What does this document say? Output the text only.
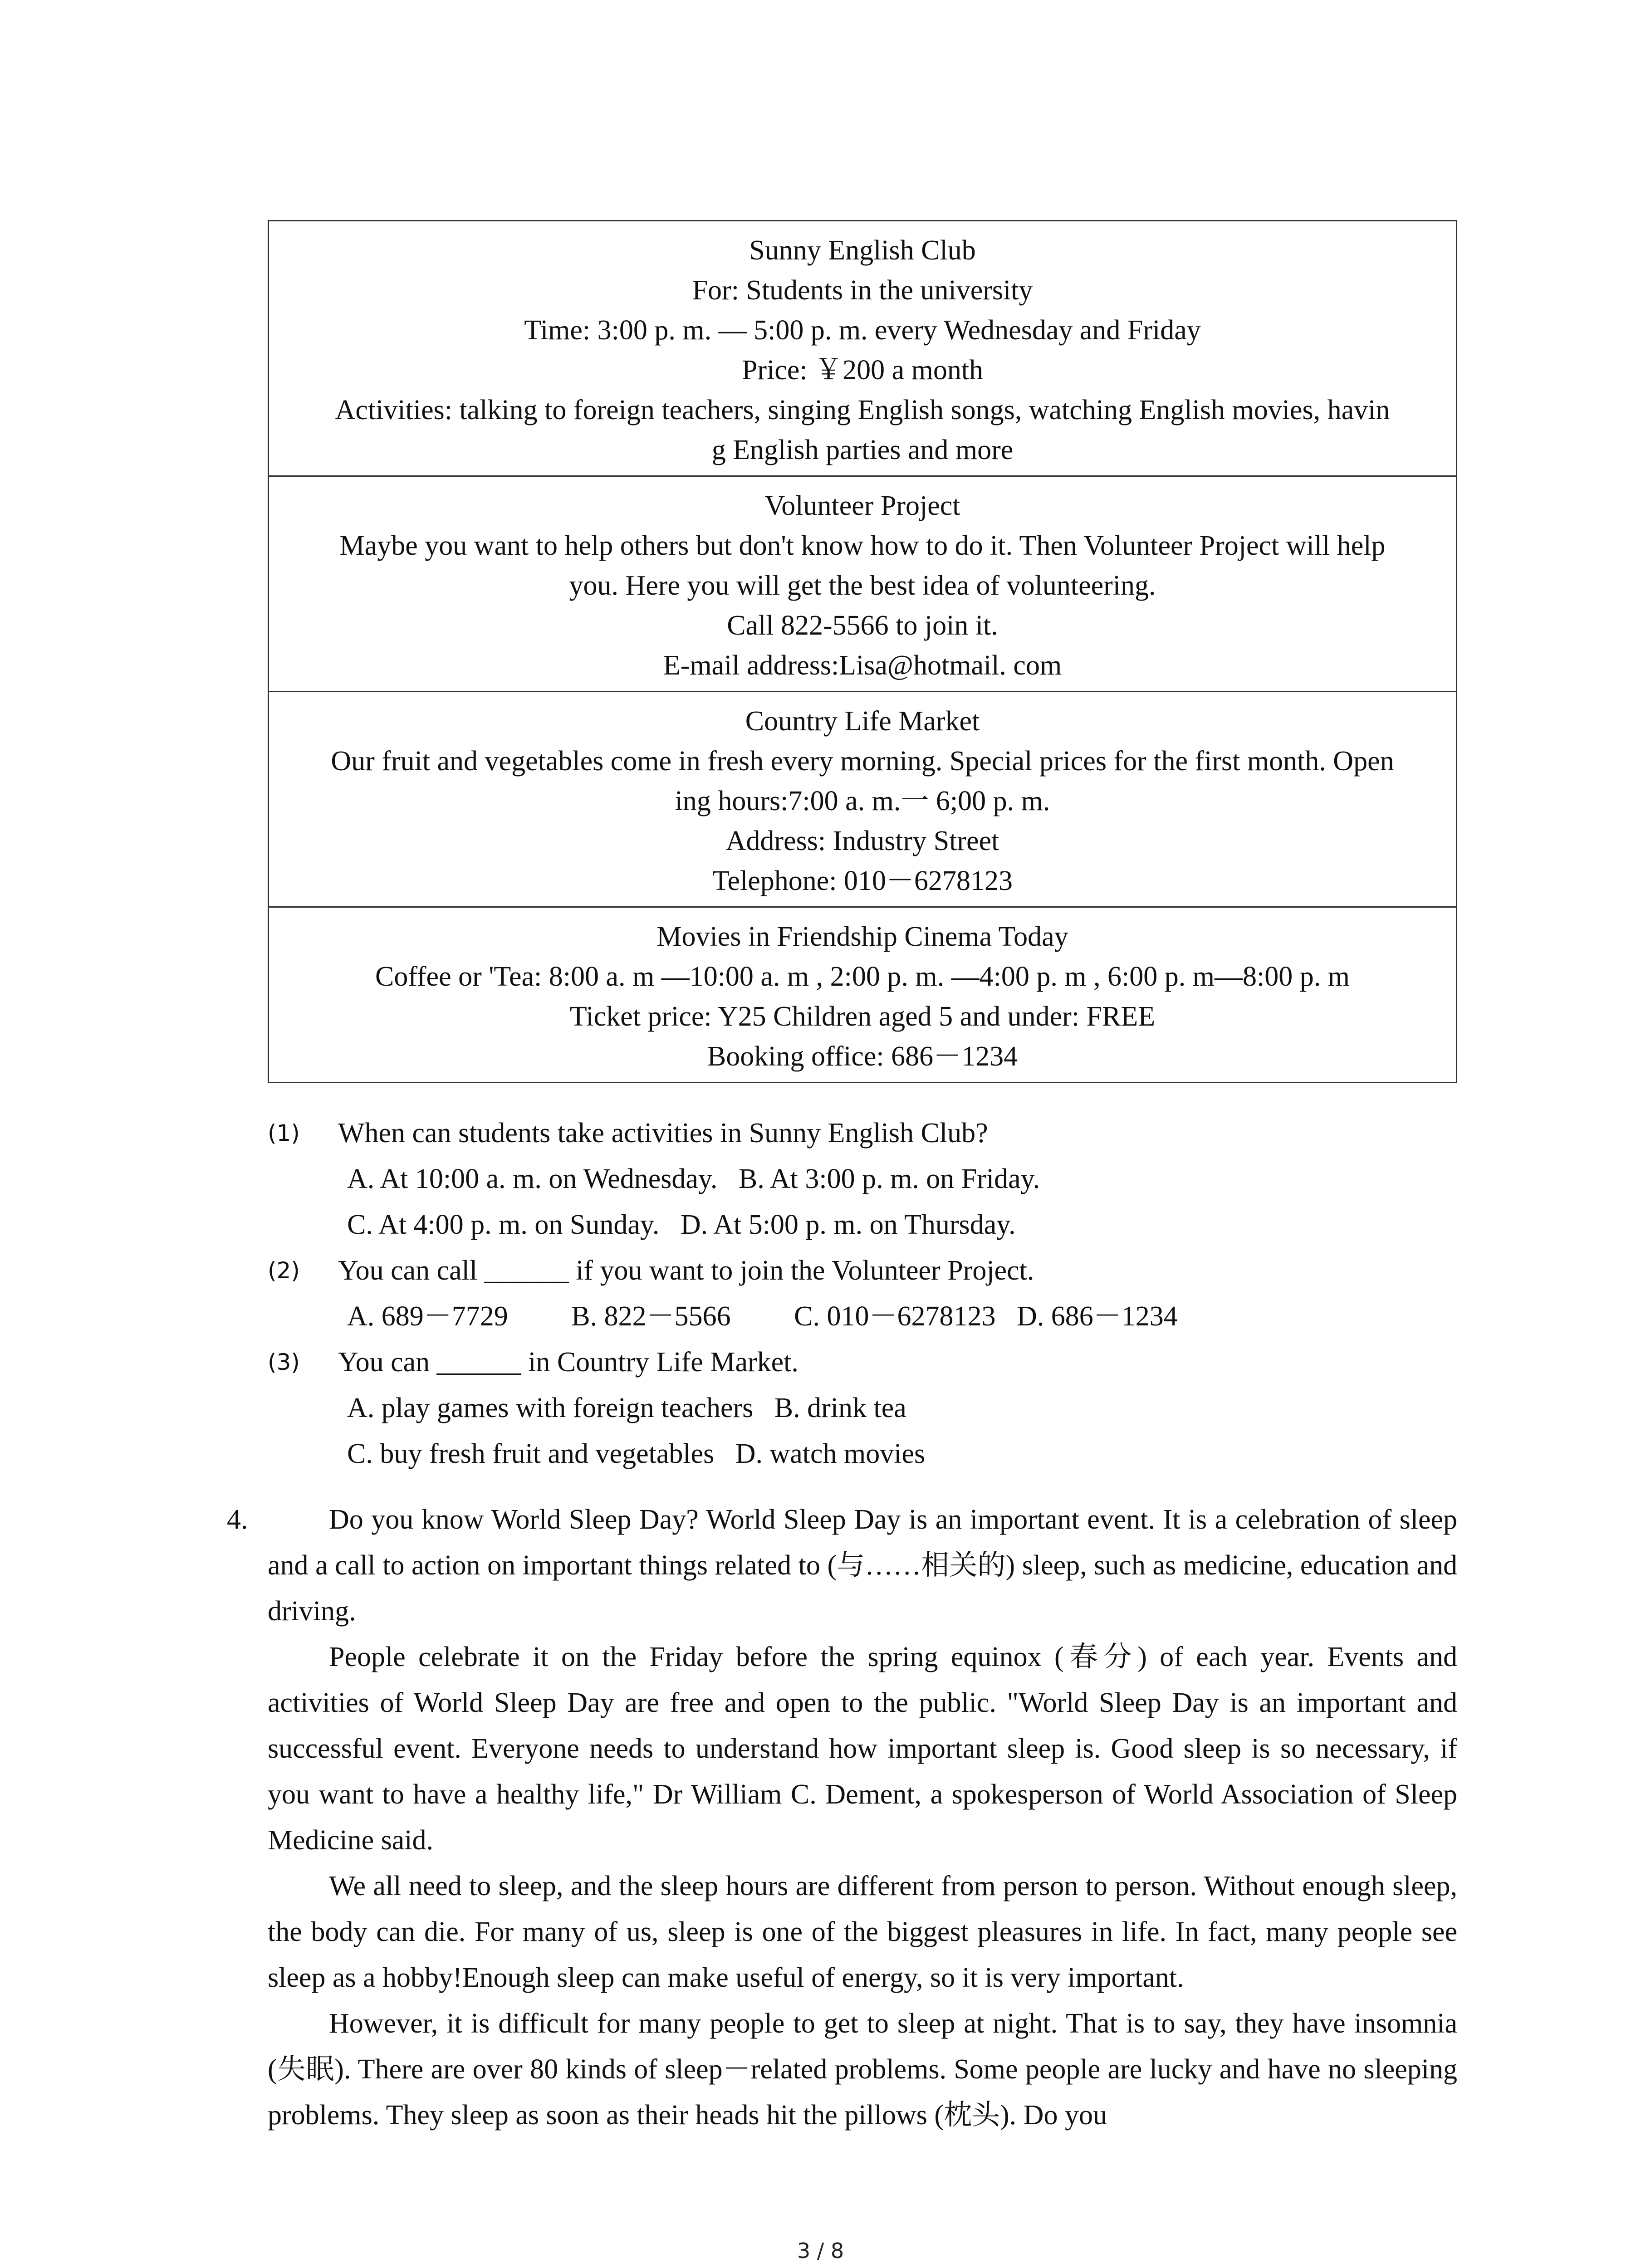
Sunny English Club

For: Students in the university

Time: 3:00 p. m. — 5:00 p. m. every Wednesday and Friday

Price: ￥200 a month

Activities: talking to foreign teachers, singing English songs, watching English movies, havin

g English parties and more

Volunteer Project

Maybe you want to help others but don't know how to do it. Then Volunteer Project will help

you. Here you will get the best idea of volunteering.

Call 822-5566 to join it.

E-mail address:Lisa@hotmail. com

Country Life Market

Our fruit and vegetables come in fresh every morning. Special prices for the first month. Open

ing hours:7:00 a. m.一 6;00 p. m.

Address: Industry Street

Telephone: 010－6278123

Movies in Friendship Cinema Today

Coffee or 'Tea: 8:00 a. m —10:00 a. m , 2:00 p. m. —4:00 p. m , 6:00 p. m—8:00 p. m

Ticket price: Y25 Children aged 5 and under: FREE

Booking office: 686－1234

(1) When can students take activities in Sunny English Club?
A. At 10:00 a. m. on Wednesday.   B. At 3:00 p. m. on Friday.
C. At 4:00 p. m. on Sunday.   D. At 5:00 p. m. on Thursday.
(2) You can call ______ if you want to join the Volunteer Project.
A. 689－7729         B. 822－5566         C. 010－6278123   D. 686－1234
(3) You can ______ in Country Life Market.
A. play games with foreign teachers   B. drink tea
C. buy fresh fruit and vegetables   D. watch movies
4.	Do you know World Sleep Day? World Sleep Day is an important event. It is a celebration of sleep and a call to action on important things related to (与……相关的) sleep, such as medicine, education and driving.

People celebrate it on the Friday before the spring equinox (春分) of each year. Events and activities of World Sleep Day are free and open to the public. "World Sleep Day is an important and successful event. Everyone needs to understand how important sleep is. Good sleep is so necessary, if you want to have a healthy life," Dr William C. Dement, a spokesperson of World Association of Sleep Medicine said.

We all need to sleep, and the sleep hours are different from person to person. Without enough sleep, the body can die. For many of us, sleep is one of the biggest pleasures in life. In fact, many people see sleep as a hobby!Enough sleep can make useful of energy, so it is very important.

However, it is difficult for many people to get to sleep at night. That is to say, they have insomnia (失眠). There are over 80 kinds of sleep－related problems. Some people are lucky and have no sleeping problems. They sleep as soon as their heads hit the pillows (枕头). Do you

3 / 8
